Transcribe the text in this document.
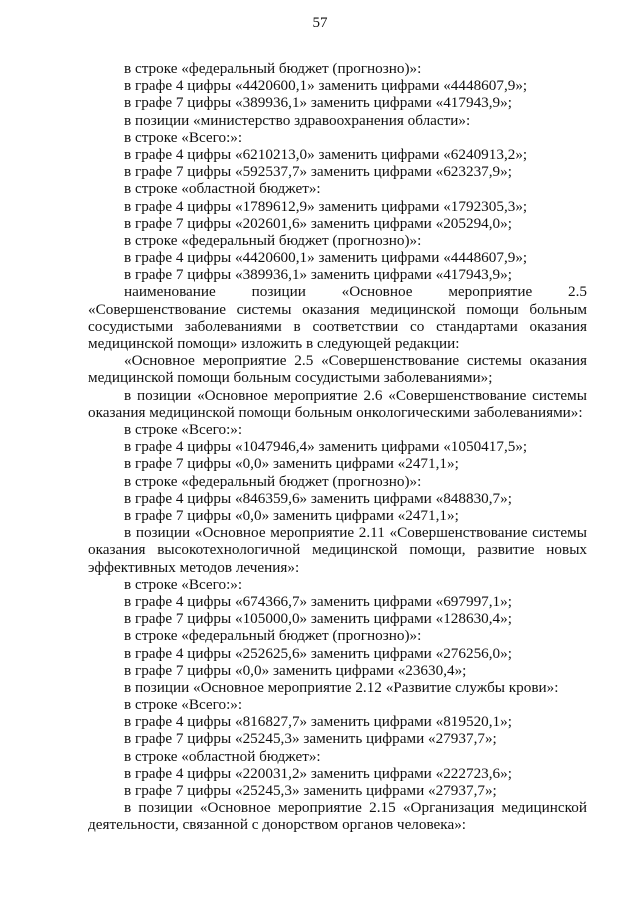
57
в строке «федеральный бюджет (прогнозно)»:
в графе 4 цифры «4420600,1» заменить цифрами «4448607,9»;
в графе 7 цифры «389936,1» заменить цифрами «417943,9»;
в позиции «министерство здравоохранения области»:
в строке «Всего:»:
в графе 4 цифры «6210213,0» заменить цифрами «6240913,2»;
в графе 7 цифры «592537,7» заменить цифрами «623237,9»;
в строке «областной бюджет»:
в графе 4 цифры «1789612,9» заменить цифрами «1792305,3»;
в графе 7 цифры «202601,6» заменить цифрами «205294,0»;
в строке «федеральный бюджет (прогнозно)»:
в графе 4 цифры «4420600,1» заменить цифрами «4448607,9»;
в графе 7 цифры «389936,1» заменить цифрами «417943,9»;
наименование позиции «Основное мероприятие 2.5 «Совершенствование системы оказания медицинской помощи больным сосудистыми заболеваниями в соответствии со стандартами оказания медицинской помощи» изложить в следующей редакции:
«Основное мероприятие 2.5 «Совершенствование системы оказания медицинской помощи больным сосудистыми заболеваниями»;
в позиции «Основное мероприятие 2.6 «Совершенствование системы оказания медицинской помощи больным онкологическими заболеваниями»:
в строке «Всего:»:
в графе 4 цифры «1047946,4» заменить цифрами «1050417,5»;
в графе 7 цифры «0,0» заменить цифрами «2471,1»;
в строке «федеральный бюджет (прогнозно)»:
в графе 4 цифры «846359,6» заменить цифрами «848830,7»;
в графе 7 цифры «0,0» заменить цифрами «2471,1»;
в позиции «Основное мероприятие 2.11 «Совершенствование системы оказания высокотехнологичной медицинской помощи, развитие новых эффективных методов лечения»:
в строке «Всего:»:
в графе 4 цифры «674366,7» заменить цифрами «697997,1»;
в графе 7 цифры «105000,0» заменить цифрами «128630,4»;
в строке «федеральный бюджет (прогнозно)»:
в графе 4 цифры «252625,6» заменить цифрами «276256,0»;
в графе 7 цифры «0,0» заменить цифрами «23630,4»;
в позиции «Основное мероприятие 2.12 «Развитие службы крови»:
в строке «Всего:»:
в графе 4 цифры «816827,7» заменить цифрами «819520,1»;
в графе 7 цифры «25245,3» заменить цифрами «27937,7»;
в строке «областной бюджет»:
в графе 4 цифры «220031,2» заменить цифрами «222723,6»;
в графе 7 цифры «25245,3» заменить цифрами «27937,7»;
в позиции «Основное мероприятие 2.15 «Организация медицинской деятельности, связанной с донорством органов человека»:
